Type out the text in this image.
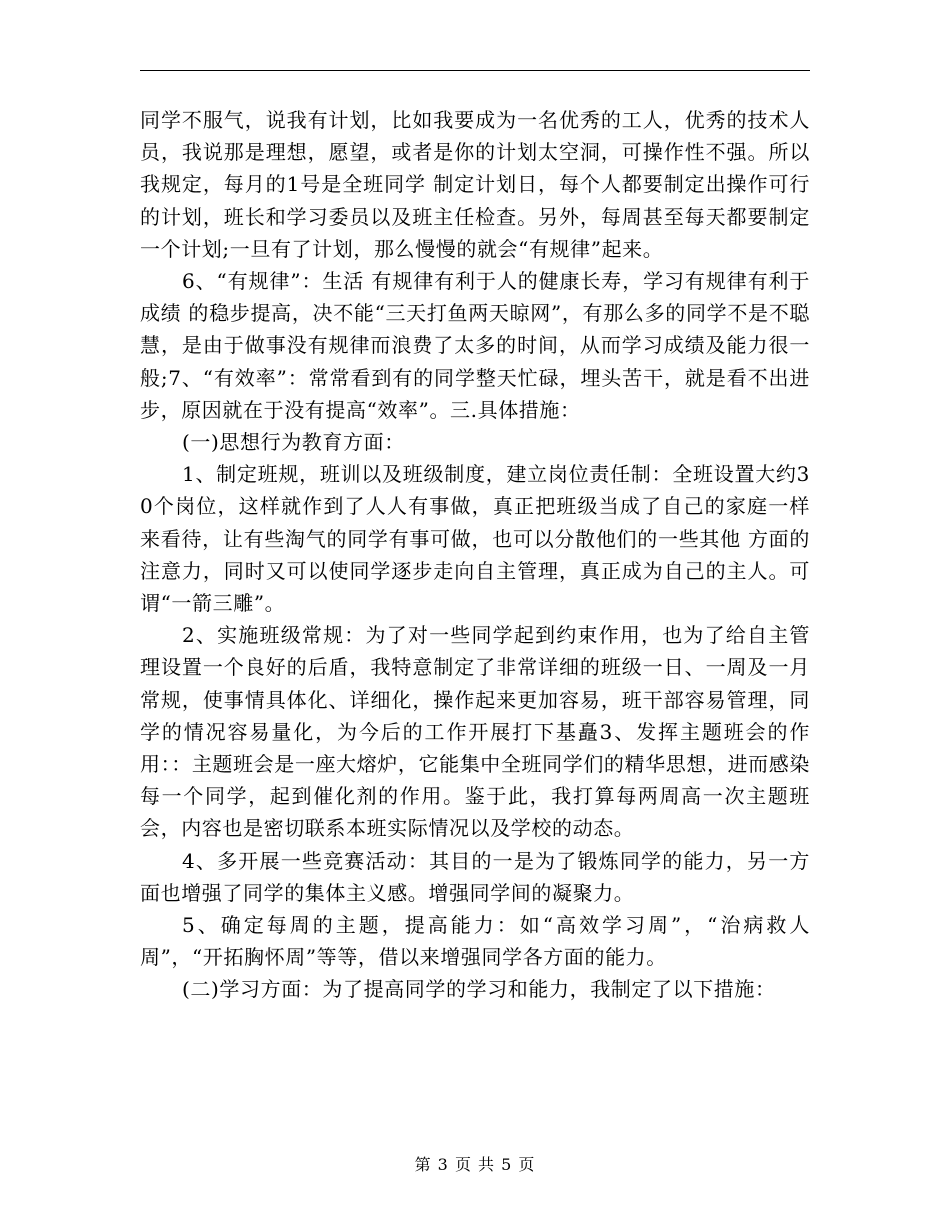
同学不服气，说我有计划，比如我要成为一名优秀的工人，优秀的技术人员，我说那是理想，愿望，或者是你的计划太空洞，可操作性不强。所以我规定，每月的1号是全班同学 制定计划日，每个人都要制定出操作可行的计划，班长和学习委员以及班主任检查。另外，每周甚至每天都要制定一个计划;一旦有了计划，那么慢慢的就会“有规律”起来。

6、“有规律”：生活 有规律有利于人的健康长寿，学习有规律有利于成绩 的稳步提高，决不能“三天打鱼两天晾网”，有那么多的同学不是不聪慧，是由于做事没有规律而浪费了太多的时间，从而学习成绩及能力很一般;7、“有效率”：常常看到有的同学整天忙碌，埋头苦干，就是看不出进步，原因就在于没有提高“效率”。三.具体措施：

(一)思想行为教育方面：

1、制定班规，班训以及班级制度，建立岗位责任制：全班设置大约30个岗位，这样就作到了人人有事做，真正把班级当成了自己的家庭一样来看待，让有些淘气的同学有事可做，也可以分散他们的一些其他 方面的注意力，同时又可以使同学逐步走向自主管理，真正成为自己的主人。可谓“一箭三雕”。

2、实施班级常规：为了对一些同学起到约束作用，也为了给自主管理设置一个良好的后盾，我特意制定了非常详细的班级一日、一周及一月常规，使事情具体化、详细化，操作起来更加容易，班干部容易管理，同学的情况容易量化，为今后的工作开展打下基矗3、发挥主题班会的作用：：主题班会是一座大熔炉，它能集中全班同学们的精华思想，进而感染每一个同学，起到催化剂的作用。鉴于此，我打算每两周高一次主题班会，内容也是密切联系本班实际情况以及学校的动态。

4、多开展一些竞赛活动：其目的一是为了锻炼同学的能力，另一方面也增强了同学的集体主义感。增强同学间的凝聚力。

5、确定每周的主题，提高能力：如“高效学习周”，“治病救人周”，“开拓胸怀周”等等，借以来增强同学各方面的能力。

(二)学习方面：为了提高同学的学习和能力，我制定了以下措施：

第 3 页 共 5 页
